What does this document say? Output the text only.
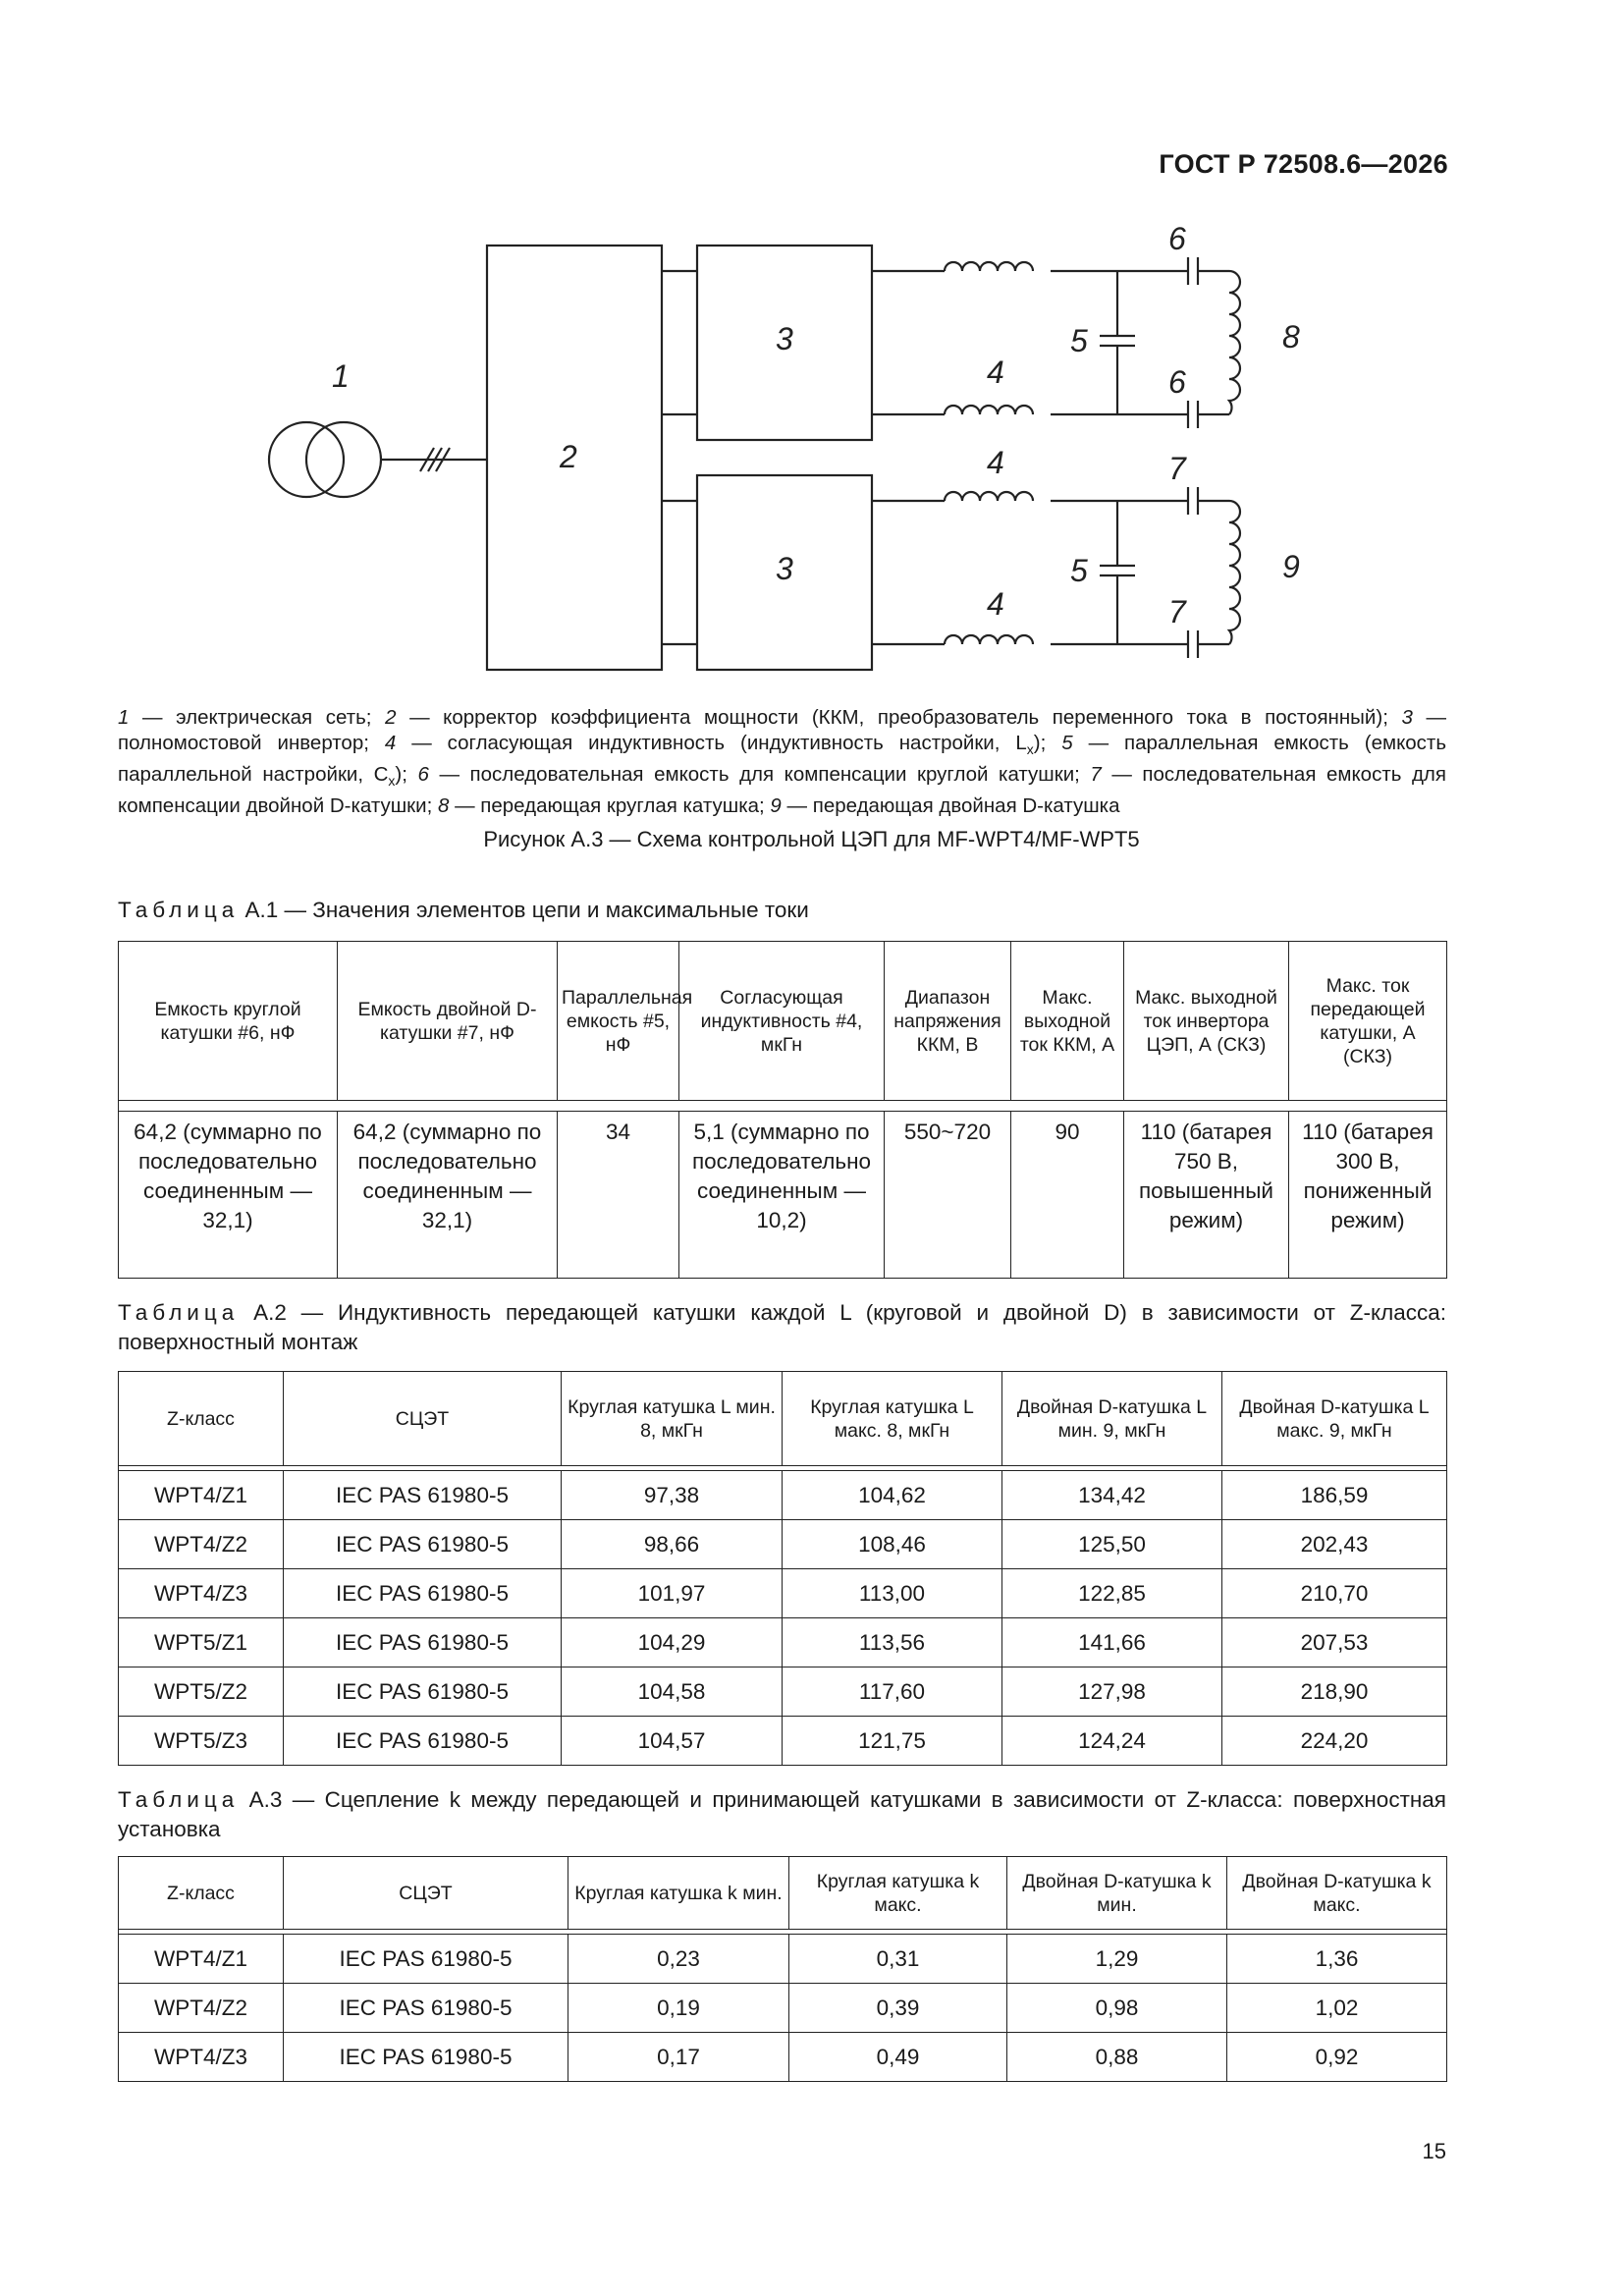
ГОСТ Р 72508.6—2026
1
2
3
3
4
4
4
5
5
6
6
7
7
8
9
1 — электрическая сеть; 2 — корректор коэффициента мощности (ККМ, преобразователь переменного тока в постоянный); 3 — полномостовой инвертор; 4 — согласующая индуктивность (индуктивность настройки, $L_x$); 5 — параллельная емкость (емкость параллельной настройки, $C_x$); 6 — последовательная емкость для компенсации круглой катушки; 7 — последовательная емкость для компенсации двойной D-катушки; 8 — передающая круглая катушка; 9 — передающая двойная D-катушка
Рисунок А.3 — Схема контрольной ЦЭП для MF-WPT4/MF-WPT5
Таблица А.1 — Значения элементов цепи и максимальные токи
Емкость круглой катушки #6, нФ	Емкость двойной D-катушки #7, нФ	Параллельная емкость #5, нФ	Согласующая индуктивность #4, мкГн	Диапазон напряжения ККМ, В	Макс. выходной ток ККМ, А	Макс. выходной ток инвертора ЦЭП, А (СКЗ)	Макс. ток передающей катушки, А (СКЗ)

64,2 (суммарно по последовательно соединенным — 32,1)	64,2 (суммарно по последовательно соединенным — 32,1)	34	5,1 (суммарно по последовательно соединенным — 10,2)	550~720	90	110 (батарея 750 В, повышенный режим)	110 (батарея 300 В, пониженный режим)
Таблица А.2 — Индуктивность передающей катушки каждой L (круговой и двойной D) в зависимости от Z-класса: поверхностный монтаж
Z-класс	СЦЭТ	Круглая катушка L мин. 8, мкГн	Круглая катушка L макс. 8, мкГн	Двойная D-катушка L мин. 9, мкГн	Двойная D-катушка L макс. 9, мкГн

WPT4/Z1	IEC PAS 61980-5	97,38	104,62	134,42	186,59
WPT4/Z2	IEC PAS 61980-5	98,66	108,46	125,50	202,43
WPT4/Z3	IEC PAS 61980-5	101,97	113,00	122,85	210,70
WPT5/Z1	IEC PAS 61980-5	104,29	113,56	141,66	207,53
WPT5/Z2	IEC PAS 61980-5	104,58	117,60	127,98	218,90
WPT5/Z3	IEC PAS 61980-5	104,57	121,75	124,24	224,20
Таблица А.3 — Сцепление k между передающей и принимающей катушками в зависимости от Z-класса: поверхностная установка
Z-класс	СЦЭТ	Круглая катушка k мин.	Круглая катушка k макс.	Двойная D-катушка k мин.	Двойная D-катушка k макс.

WPT4/Z1	IEC PAS 61980-5	0,23	0,31	1,29	1,36
WPT4/Z2	IEC PAS 61980-5	0,19	0,39	0,98	1,02
WPT4/Z3	IEC PAS 61980-5	0,17	0,49	0,88	0,92
15
